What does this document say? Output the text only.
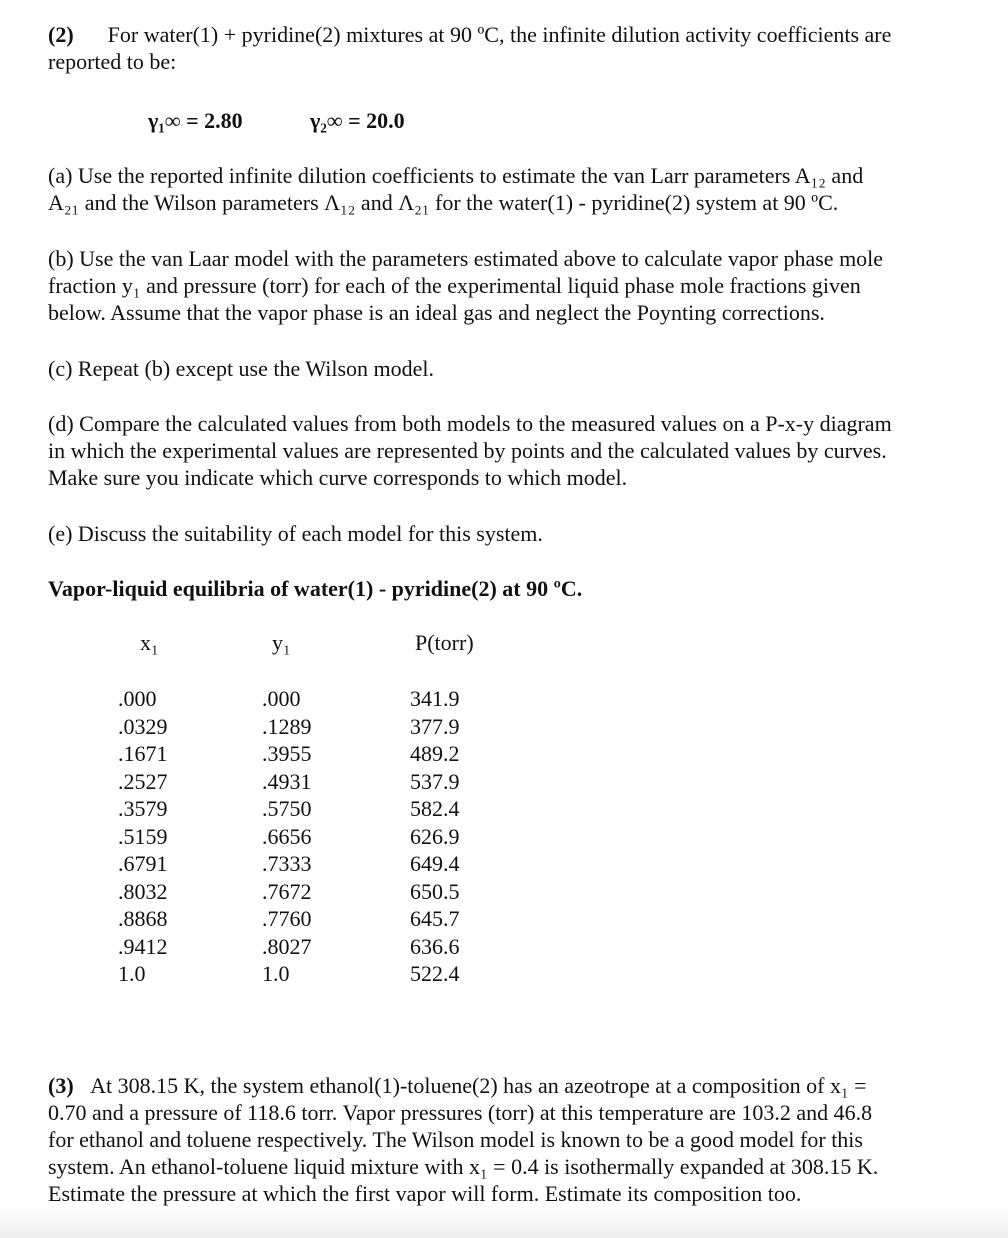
(2) For water(1) + pyridine(2) mixtures at 90 ºC, the infinite dilution activity coefficients are
reported to be:
γ₁∞ = 2.80	γ₂∞ = 20.0
(a) Use the reported infinite dilution coefficients to estimate the van Larr parameters A₁₂ and
A₂₁ and the Wilson parameters Λ₁₂ and Λ₂₁ for the water(1) - pyridine(2) system at 90 ºC.
(b) Use the van Laar model with the parameters estimated above to calculate vapor phase mole
fraction y₁ and pressure (torr) for each of the experimental liquid phase mole fractions given
below. Assume that the vapor phase is an ideal gas and neglect the Poynting corrections.
(c) Repeat (b) except use the Wilson model.
(d) Compare the calculated values from both models to the measured values on a P-x-y diagram
in which the experimental values are represented by points and the calculated values by curves.
Make sure you indicate which curve corresponds to which model.
(e) Discuss the suitability of each model for this system.
Vapor-liquid equilibria of water(1) - pyridine(2) at 90 ºC.
x₁	y₁	P(torr)
.000	.000	341.9
.0329	.1289	377.9
.1671	.3955	489.2
.2527	.4931	537.9
.3579	.5750	582.4
.5159	.6656	626.9
.6791	.7333	649.4
.8032	.7672	650.5
.8868	.7760	645.7
.9412	.8027	636.6
1.0	1.0	522.4
(3) At 308.15 K, the system ethanol(1)-toluene(2) has an azeotrope at a composition of x₁ =
0.70 and a pressure of 118.6 torr. Vapor pressures (torr) at this temperature are 103.2 and 46.8
for ethanol and toluene respectively. The Wilson model is known to be a good model for this
system. An ethanol-toluene liquid mixture with x₁ = 0.4 is isothermally expanded at 308.15 K.
Estimate the pressure at which the first vapor will form. Estimate its composition too.
